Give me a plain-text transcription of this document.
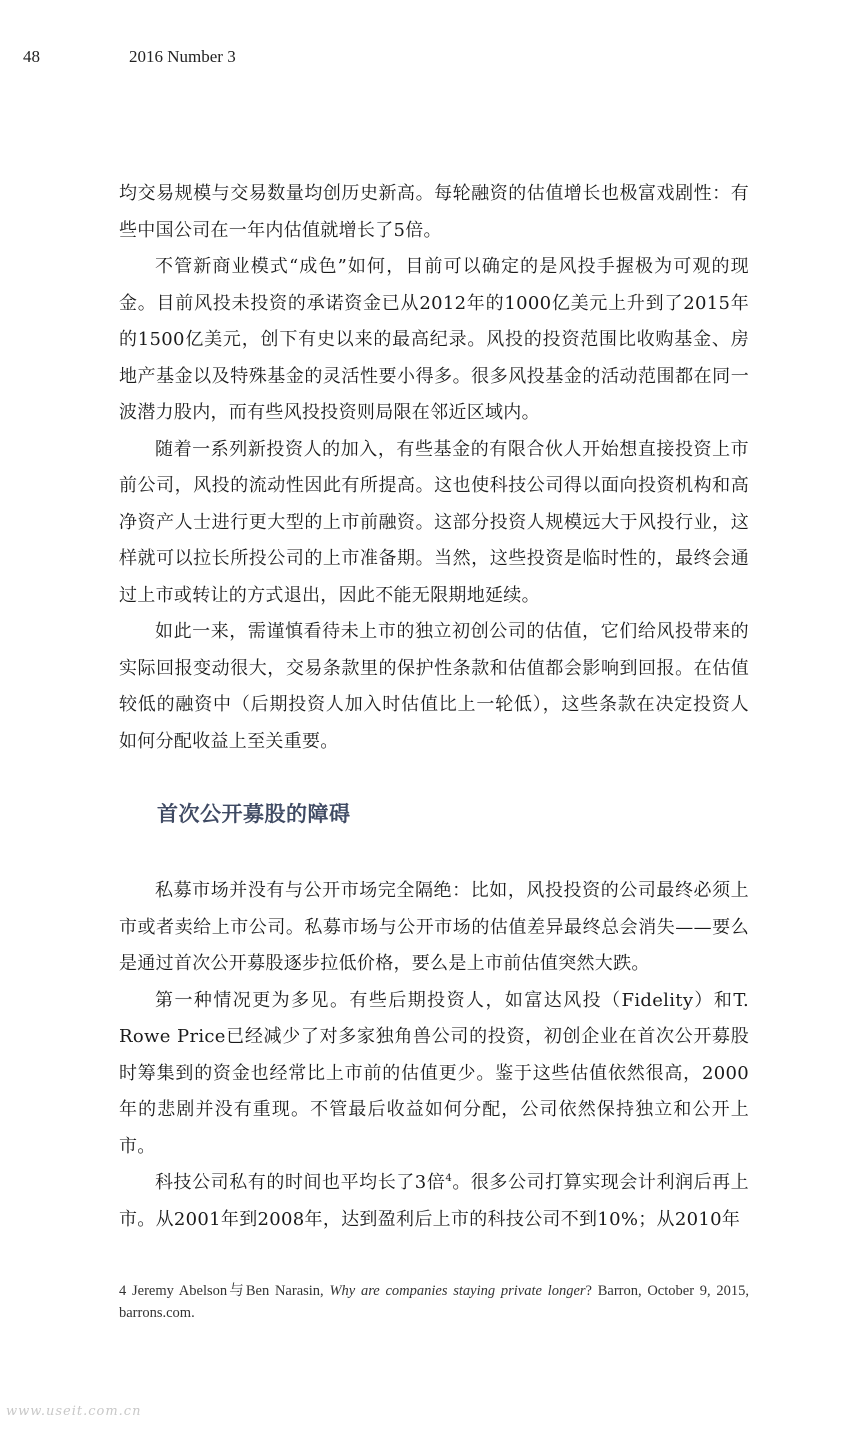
48	2016 Number 3

均交易规模与交易数量均创历史新高。每轮融资的估值增长也极富戏剧性：有些中国公司在一年内估值就增长了5倍。

不管新商业模式“成色”如何，目前可以确定的是风投手握极为可观的现金。目前风投未投资的承诺资金已从2012年的1000亿美元上升到了2015年的1500亿美元，创下有史以来的最高纪录。风投的投资范围比收购基金、房地产基金以及特殊基金的灵活性要小得多。很多风投基金的活动范围都在同一波潜力股内，而有些风投投资则局限在邻近区域内。

随着一系列新投资人的加入，有些基金的有限合伙人开始想直接投资上市前公司，风投的流动性因此有所提高。这也使科技公司得以面向投资机构和高净资产人士进行更大型的上市前融资。这部分投资人规模远大于风投行业，这样就可以拉长所投公司的上市准备期。当然，这些投资是临时性的，最终会通过上市或转让的方式退出，因此不能无限期地延续。

如此一来，需谨慎看待未上市的独立初创公司的估值，它们给风投带来的实际回报变动很大，交易条款里的保护性条款和估值都会影响到回报。在估值较低的融资中（后期投资人加入时估值比上一轮低），这些条款在决定投资人如何分配收益上至关重要。

首次公开募股的障碍

私募市场并没有与公开市场完全隔绝：比如，风投投资的公司最终必须上市或者卖给上市公司。私募市场与公开市场的估值差异最终总会消失——要么是通过首次公开募股逐步拉低价格，要么是上市前估值突然大跌。

第一种情况更为多见。有些后期投资人，如富达风投（Fidelity）和T. Rowe Price已经减少了对多家独角兽公司的投资，初创企业在首次公开募股时筹集到的资金也经常比上市前的估值更少。鉴于这些估值依然很高，2000年的悲剧并没有重现。不管最后收益如何分配，公司依然保持独立和公开上市。

科技公司私有的时间也平均长了3倍$^4$。很多公司打算实现会计利润后再上市。从2001年到2008年，达到盈利后上市的科技公司不到10%；从2010年

4 Jeremy Abelson与Ben Narasin, Why are companies staying private longer? Barron, October 9, 2015, barrons.com.
www.useit.com.cn
